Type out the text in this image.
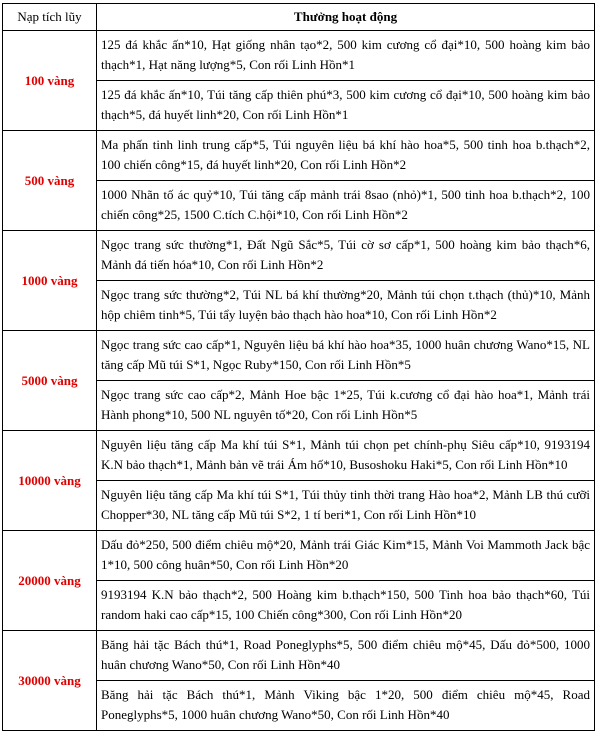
Nạp tích lũy	Thưởng hoạt động
100 vàng	125 đá khắc ấn*10, Hạt giống nhân tạo*2, 500 kim cương cổ đại*10, 500 hoàng kim bảo thạch*1, Hạt năng lượng*5, Con rối Linh Hồn*1
	125 đá khắc ấn*10, Túi tăng cấp thiên phú*3, 500 kim cương cổ đại*10, 500 hoàng kim bảo thạch*5, đá huyết linh*20, Con rối Linh Hồn*1
500 vàng	Ma phấn tinh linh trung cấp*5, Túi nguyên liệu bá khí hào hoa*5, 500 tinh hoa b.thạch*2, 100 chiến công*15, đá huyết linh*20, Con rối Linh Hồn*2
	1000 Nhãn tố ác quỷ*10, Túi tăng cấp mảnh trái 8sao (nhỏ)*1, 500 tinh hoa b.thạch*2, 100 chiến công*25, 1500 C.tích C.hội*10, Con rối Linh Hồn*2
1000 vàng	Ngọc trang sức thường*1, Đất Ngũ Sắc*5, Túi cờ sơ cấp*1, 500 hoàng kim bảo thạch*6, Mảnh đá tiến hóa*10, Con rối Linh Hồn*2
	Ngọc trang sức thường*2, Túi NL bá khí thường*20, Mảnh túi chọn t.thạch (thủ)*10, Mảnh hộp chiêm tinh*5, Túi tẩy luyện bảo thạch hào hoa*10, Con rối Linh Hồn*2
5000 vàng	Ngọc trang sức cao cấp*1, Nguyên liệu bá khí hào hoa*35, 1000 huân chương Wano*15, NL tăng cấp Mũ túi S*1, Ngọc Ruby*150, Con rối Linh Hồn*5
	Ngọc trang sức cao cấp*2, Mảnh Hoe bậc 1*25, Túi k.cương cổ đại hào hoa*1, Mảnh trái Hành phong*10, 500 NL nguyên tố*20, Con rối Linh Hồn*5
10000 vàng	Nguyên liệu tăng cấp Ma khí túi S*1, Mảnh túi chọn pet chính-phụ Siêu cấp*10, 9193194 K.N bảo thạch*1, Mảnh bản vẽ trái Ám hố*10, Busoshoku Haki*5, Con rối Linh Hồn*10
	Nguyên liệu tăng cấp Ma khí túi S*1, Túi thủy tinh thời trang Hào hoa*2, Mảnh LB thú cưỡi Chopper*30, NL tăng cấp Mũ túi S*2, 1 tí beri*1, Con rối Linh Hồn*10
20000 vàng	Dấu đỏ*250, 500 điểm chiêu mộ*20, Mảnh trái Giác Kim*15, Mảnh Voi Mammoth Jack bậc 1*10, 500 công huân*50, Con rối Linh Hồn*20
	9193194 K.N bảo thạch*2, 500 Hoàng kim b.thạch*150, 500 Tinh hoa bảo thạch*60, Túi random haki cao cấp*15, 100 Chiến công*300, Con rối Linh Hồn*20
30000 vàng	Băng hải tặc Bách thú*1, Road Poneglyphs*5, 500 điểm chiêu mộ*45, Dấu đỏ*500, 1000 huân chương Wano*50, Con rối Linh Hồn*40
	Băng hải tặc Bách thú*1, Mảnh Viking bậc 1*20, 500 điểm chiêu mộ*45, Road Poneglyphs*5, 1000 huân chương Wano*50, Con rối Linh Hồn*40
